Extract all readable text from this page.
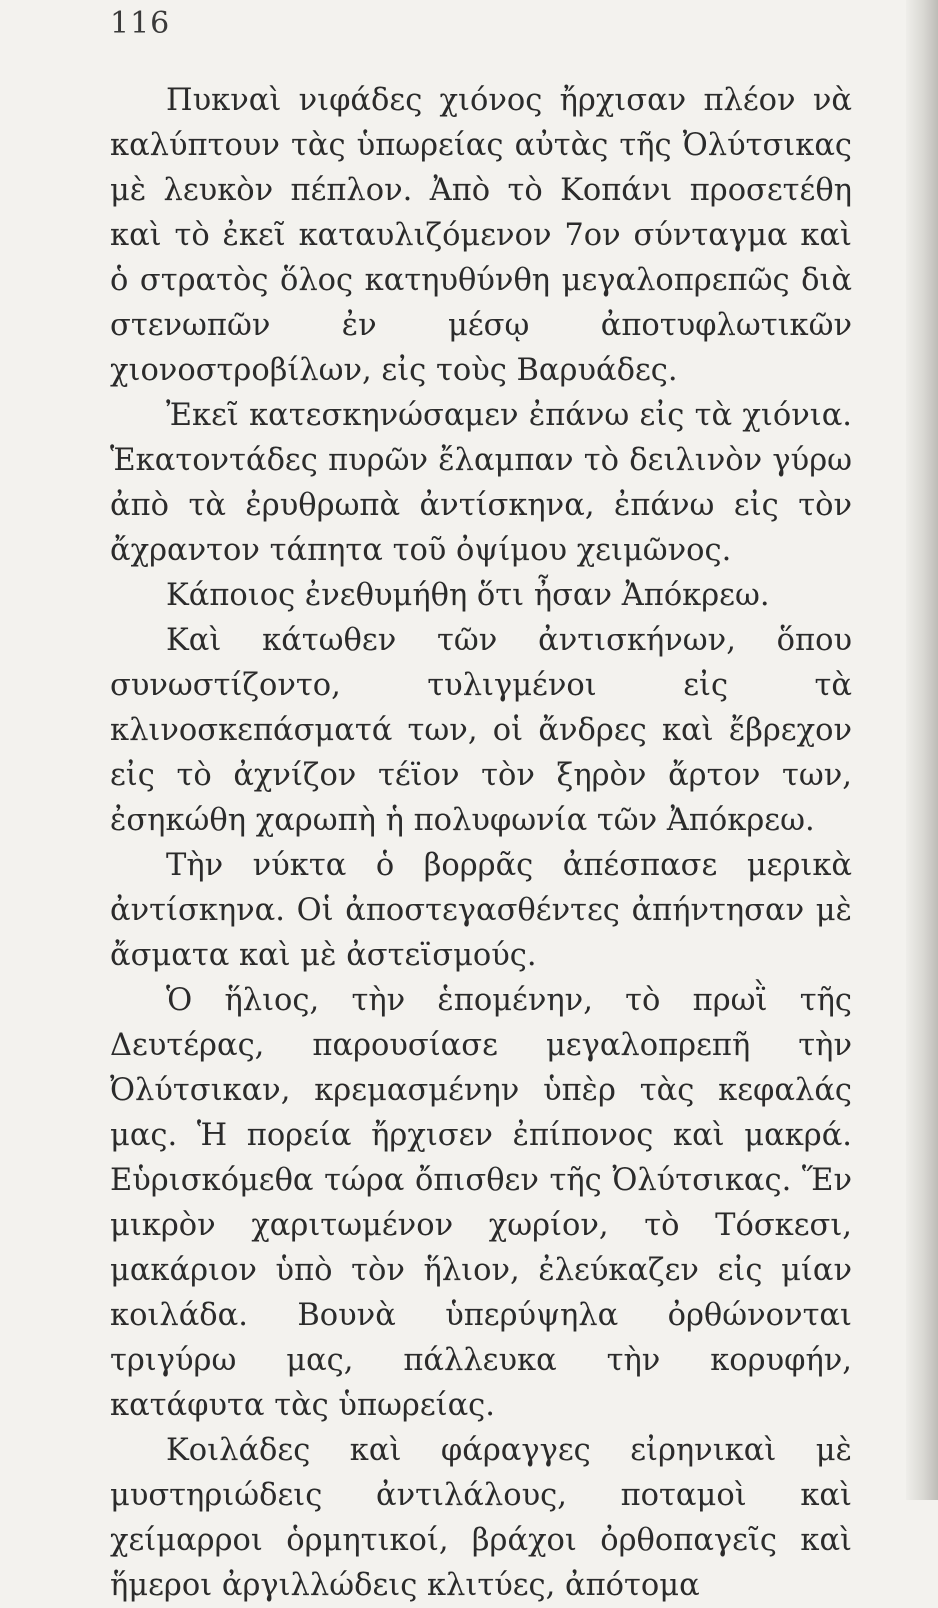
116

Πυκναὶ νιφάδες χιόνος ἤρχισαν πλέον νὰ καλύπτουν τὰς ὑπωρείας αὐτὰς τῆς Ὀλύτσικας μὲ λευκὸν πέπλον. Ἀπὸ τὸ Κοπάνι προσετέθη καὶ τὸ ἐκεῖ καταυλιζόμενον 7ον σύνταγμα καὶ ὁ στρατὸς ὅλος κατηυθύνθη μεγαλοπρεπῶς διὰ στενωπῶν ἐν μέσῳ ἀποτυφλωτικῶν χιονοστροβίλων, εἰς τοὺς Βαρυάδες.

Ἐκεῖ κατεσκηνώσαμεν ἐπάνω εἰς τὰ χιόνια. Ἑκατοντάδες πυρῶν ἔλαμπαν τὸ δειλινὸν γύρω ἀπὸ τὰ ἐρυθρωπὰ ἀντίσκηνα, ἐπάνω εἰς τὸν ἄχραντον τάπητα τοῦ ὀψίμου χειμῶνος.

Κάποιος ἐνεθυμήθη ὅτι ἦσαν Ἀπόκρεω.

Καὶ κάτωθεν τῶν ἀντισκήνων, ὅπου συνωστίζοντο, τυλιγμένοι εἰς τὰ κλινοσκεπάσματά των, οἱ ἄνδρες καὶ ἔβρεχον εἰς τὸ ἀχνίζον τέϊον τὸν ξηρὸν ἄρτον των, ἐσηκώθη χαρωπὴ ἡ πολυφωνία τῶν Ἀπόκρεω.

Τὴν νύκτα ὁ βορρᾶς ἀπέσπασε μερικὰ ἀντίσκηνα. Οἱ ἀποστεγασθέντες ἀπήντησαν μὲ ἄσματα καὶ μὲ ἀστεϊσμούς.

Ὁ ἥλιος, τὴν ἑπομένην, τὸ πρωῒ τῆς Δευτέρας, παρουσίασε μεγαλοπρεπῆ τὴν Ὀλύτσικαν, κρεμασμένην ὑπὲρ τὰς κεφαλάς μας. Ἡ πορεία ἤρχισεν ἐπίπονος καὶ μακρά. Εὑρισκόμεθα τώρα ὄπισθεν τῆς Ὀλύτσικας. Ἕν μικρὸν χαριτωμένον χωρίον, τὸ Τόσκεσι, μακάριον ὑπὸ τὸν ἥλιον, ἐλεύκαζεν εἰς μίαν κοιλάδα. Βουνὰ ὑπερύψηλα ὀρθώνονται τριγύρω μας, πάλλευκα τὴν κορυφήν, κατάφυτα τὰς ὑπωρείας.

Κοιλάδες καὶ φάραγγες εἰρηνικαὶ μὲ μυστηριώδεις ἀντιλάλους, ποταμοὶ καὶ χείμαρροι ὁρμητικοί, βράχοι ὀρθοπαγεῖς καὶ ἥμεροι ἀργιλλώδεις κλιτύες, ἀπότομα
